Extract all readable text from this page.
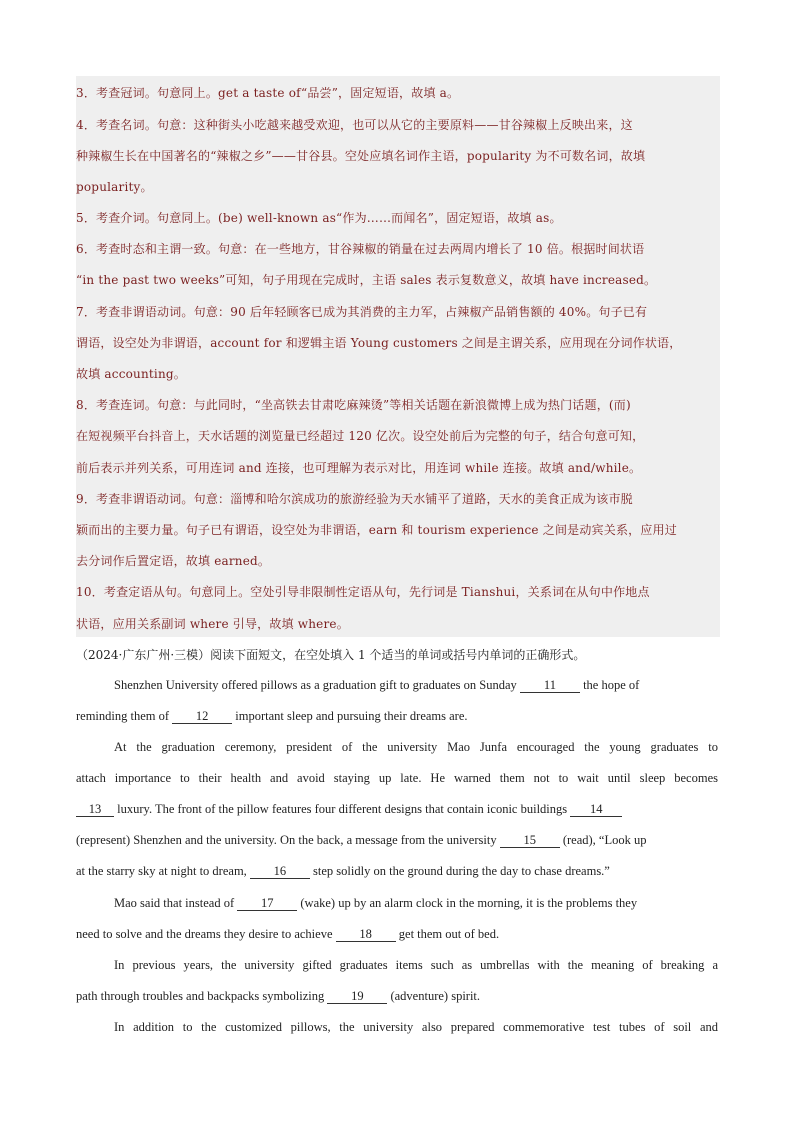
3．考查冠词。句意同上。get a taste of“品尝”，固定短语，故填 a。
4．考查名词。句意：这种街头小吃越来越受欢迎，也可以从它的主要原料——甘谷辣椒上反映出来，这
种辣椒生长在中国著名的“辣椒之乡”——甘谷县。空处应填名词作主语，popularity 为不可数名词，故填
popularity。
5．考查介词。句意同上。(be) well-known as“作为……而闻名”，固定短语，故填 as。
6．考查时态和主谓一致。句意：在一些地方，甘谷辣椒的销量在过去两周内增长了 10 倍。根据时间状语
“in the past two weeks”可知，句子用现在完成时，主语 sales 表示复数意义，故填 have increased。
7．考查非谓语动词。句意：90 后年轻顾客已成为其消费的主力军，占辣椒产品销售额的 40%。句子已有
谓语，设空处为非谓语，account for 和逻辑主语 Young customers 之间是主谓关系，应用现在分词作状语，
故填 accounting。
8．考查连词。句意：与此同时，“坐高铁去甘肃吃麻辣烫”等相关话题在新浪微博上成为热门话题，(而)
在短视频平台抖音上，天水话题的浏览量已经超过 120 亿次。设空处前后为完整的句子，结合句意可知，
前后表示并列关系，可用连词 and 连接，也可理解为表示对比，用连词 while 连接。故填 and/while。
9．考查非谓语动词。句意：淄博和哈尔滨成功的旅游经验为天水铺平了道路，天水的美食正成为该市脱
颖而出的主要力量。句子已有谓语，设空处为非谓语，earn 和 tourism experience 之间是动宾关系，应用过
去分词作后置定语，故填 earned。
10．考查定语从句。句意同上。空处引导非限制性定语从句，先行词是 Tianshui，关系词在从句中作地点
状语，应用关系副词 where 引导，故填 where。
（2024·广东广州·三模）阅读下面短文，在空处填入 1 个适当的单词或括号内单词的正确形式。
Shenzhen University offered pillows as a graduation gift to graduates on Sunday 11 the hope of
reminding them of 12 important sleep and pursuing their dreams are.
At the graduation ceremony, president of the university Mao Junfa encouraged the young graduates to
attach importance to their health and avoid staying up late. He warned them not to wait until sleep becomes
13 luxury. The front of the pillow features four different designs that contain iconic buildings 14
(represent) Shenzhen and the university. On the back, a message from the university 15 (read), “Look up
at the starry sky at night to dream, 16 step solidly on the ground during the day to chase dreams.”
Mao said that instead of 17 (wake) up by an alarm clock in the morning, it is the problems they
need to solve and the dreams they desire to achieve 18 get them out of bed.
In previous years, the university gifted graduates items such as umbrellas with the meaning of breaking a
path through troubles and backpacks symbolizing 19 (adventure) spirit.
In addition to the customized pillows, the university also prepared commemorative test tubes of soil and
